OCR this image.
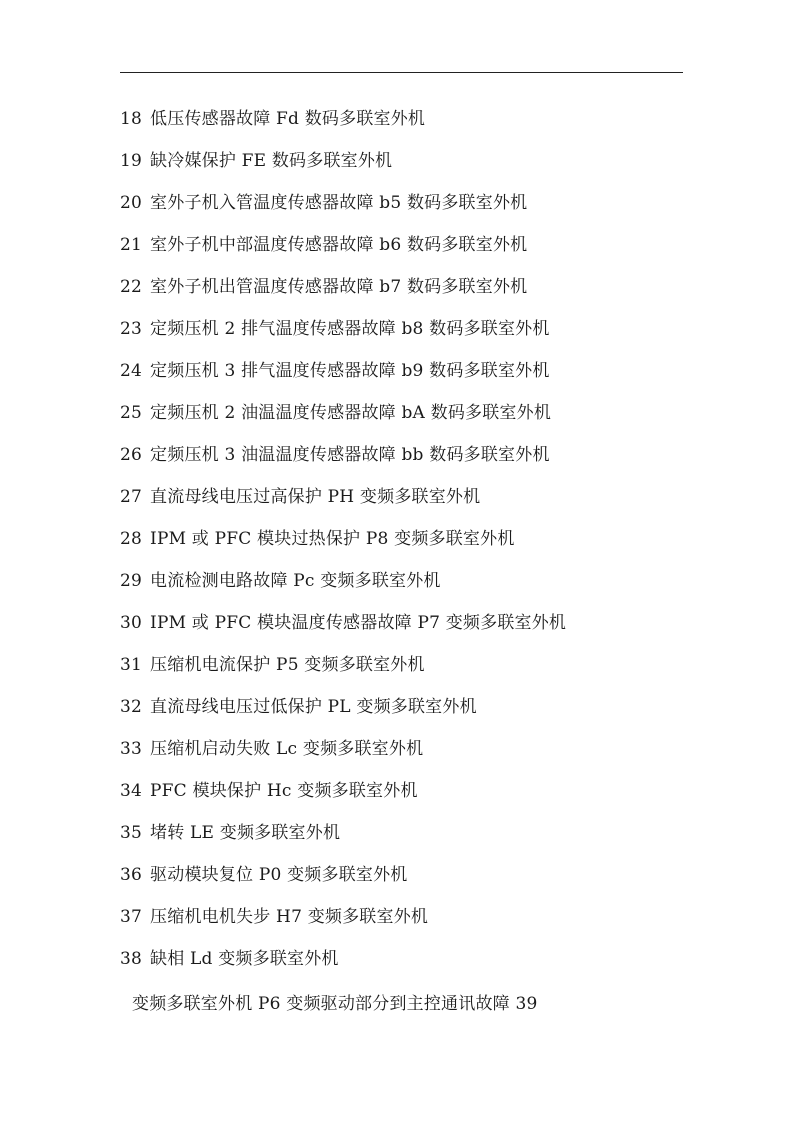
18 低压传感器故障 Fd 数码多联室外机
19 缺冷媒保护 FE 数码多联室外机
20 室外子机入管温度传感器故障 b5 数码多联室外机
21 室外子机中部温度传感器故障 b6 数码多联室外机
22 室外子机出管温度传感器故障 b7 数码多联室外机
23 定频压机 2 排气温度传感器故障 b8 数码多联室外机
24 定频压机 3 排气温度传感器故障 b9 数码多联室外机
25 定频压机 2 油温温度传感器故障 bA 数码多联室外机
26 定频压机 3 油温温度传感器故障 bb 数码多联室外机
27 直流母线电压过高保护 PH 变频多联室外机
28 IPM 或 PFC 模块过热保护 P8 变频多联室外机
29 电流检测电路故障 Pc 变频多联室外机
30 IPM 或 PFC 模块温度传感器故障 P7 变频多联室外机
31 压缩机电流保护 P5 变频多联室外机
32 直流母线电压过低保护 PL 变频多联室外机
33 压缩机启动失败 Lc 变频多联室外机
34 PFC 模块保护 Hc 变频多联室外机
35 堵转 LE 变频多联室外机
36 驱动模块复位 P0 变频多联室外机
37 压缩机电机失步 H7 变频多联室外机
38 缺相 Ld 变频多联室外机
变频多联室外机 P6 变频驱动部分到主控通讯故障 39
